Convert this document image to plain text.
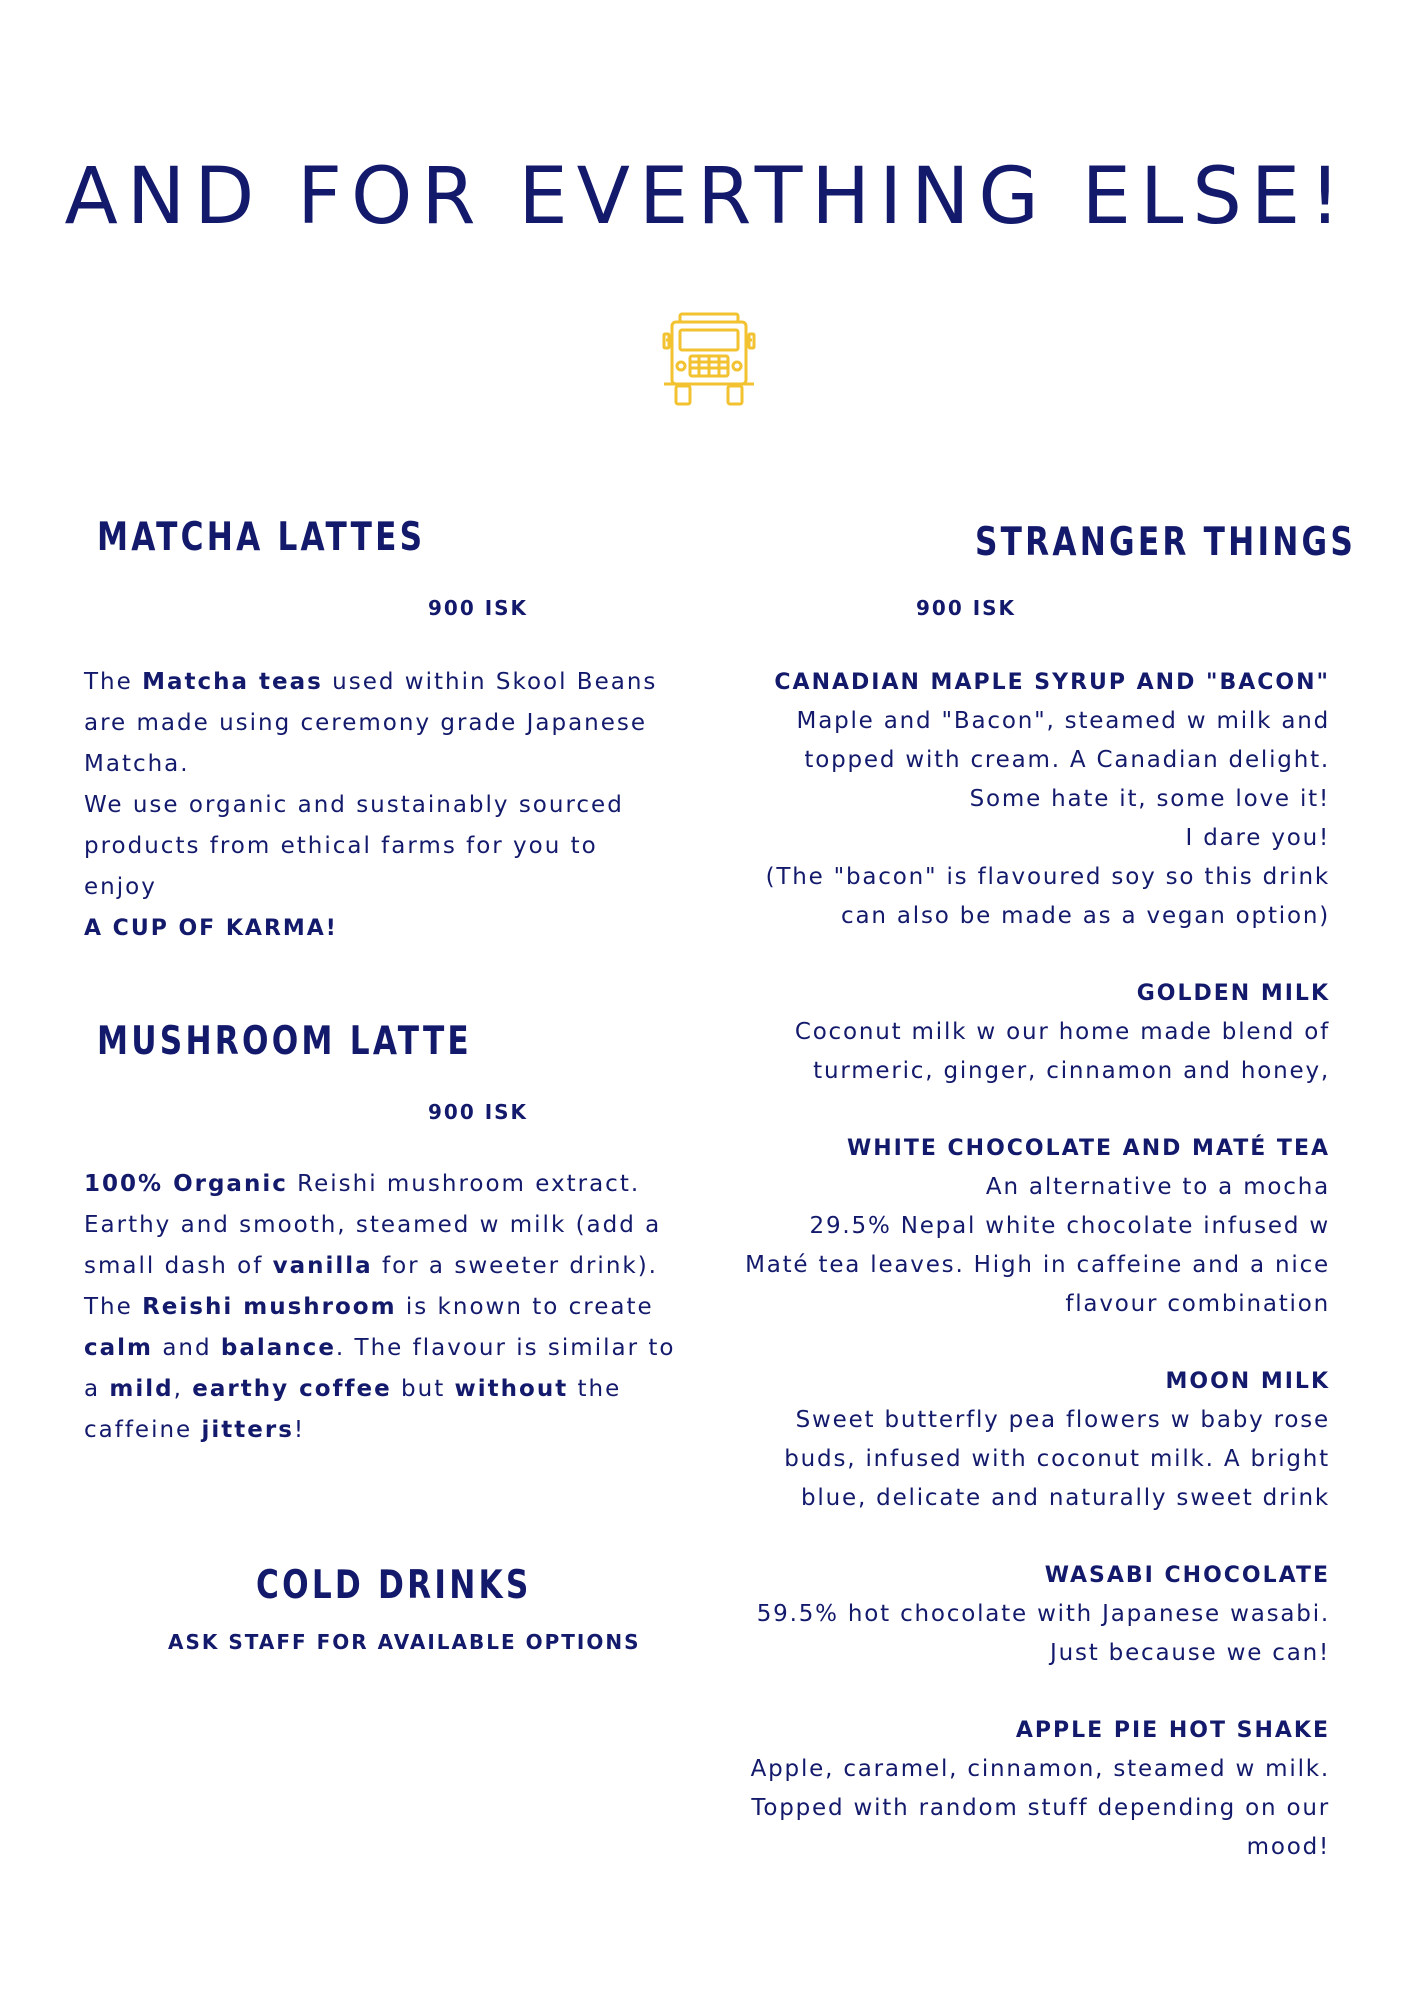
AND FOR EVERTHING ELSE!
MATCHA LATTES
900 ISK
The Matcha teas used within Skool Beans
are made using ceremony grade Japanese
Matcha.
We use organic and sustainably sourced
products from ethical farms for you to
enjoy
A CUP OF KARMA!
MUSHROOM LATTE
900 ISK
100% Organic Reishi mushroom extract.
Earthy and smooth, steamed w milk (add a
small dash of vanilla for a sweeter drink).
The Reishi mushroom is known to create
calm and balance. The flavour is similar to
a mild, earthy coffee but without the
caffeine jitters!
COLD DRINKS
ASK STAFF FOR AVAILABLE OPTIONS
STRANGER THINGS
900 ISK
CANADIAN MAPLE SYRUP AND "BACON"
Maple and "Bacon", steamed w milk and
topped with cream. A Canadian delight.
Some hate it, some love it!
I dare you!
(The "bacon" is flavoured soy so this drink
can also be made as a vegan option)
GOLDEN MILK
Coconut milk w our home made blend of
turmeric, ginger, cinnamon and honey,
WHITE CHOCOLATE AND MATÉ TEA
An alternative to a mocha
29.5% Nepal white chocolate infused w
Maté tea leaves. High in caffeine and a nice
flavour combination
MOON MILK
Sweet butterfly pea flowers w baby rose
buds, infused with coconut milk. A bright
blue, delicate and naturally sweet drink
WASABI CHOCOLATE
59.5% hot chocolate with Japanese wasabi.
Just because we can!
APPLE PIE HOT SHAKE
Apple, caramel, cinnamon, steamed w milk.
Topped with random stuff depending on our
mood!
